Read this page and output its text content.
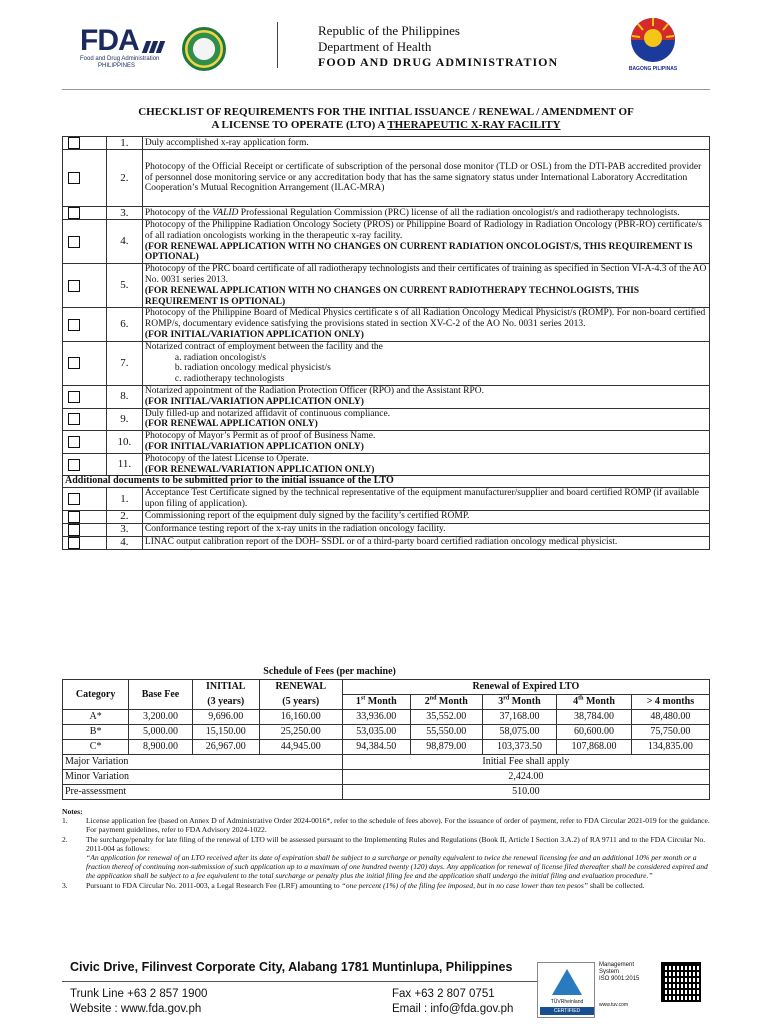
FDA
Food and Drug Administration
PHILIPPINES
Republic of the Philippines
Department of Health
FOOD AND DRUG ADMINISTRATION	BAGONG PILIPINAS
CHECKLIST OF REQUIREMENTS FOR THE INITIAL ISSUANCE / RENEWAL / AMENDMENT OF
A LICENSE TO OPERATE (LTO) A THERAPEUTIC X-RAY FACILITY
	1.	Duly accomplished x-ray application form.
	2.	Photocopy of the Official Receipt or certificate of subscription of the personal dose monitor (TLD or OSL) from the DTI-PAB accredited provider of personnel dose monitoring service or any accreditation body that has the same signatory status under International Laboratory Accreditation Cooperation’s Mutual Recognition Arrangement (ILAC-MRA)
	3.	Photocopy of the VALID Professional Regulation Commission (PRC) license of all the radiation oncologist/s and radiotherapy technologists.
	4.	Photocopy of the Philippine Radiation Oncology Society (PROS) or Philippine Board of Radiology in Radiation Oncology (PBR-RO) certificate/s of all radiation oncologists working in the therapeutic x-ray facility.
(FOR RENEWAL APPLICATION WITH NO CHANGES ON CURRENT RADIATION ONCOLOGIST/S, THIS REQUIREMENT IS OPTIONAL)

	5.	Photocopy of the PRC board certificate of all radiotherapy technologists and their certificates of training as specified in Section VI-A-4.3 of the AO No. 0031 series 2013.
(FOR RENEWAL APPLICATION WITH NO CHANGES ON CURRENT RADIOTHERAPY TECHNOLOGISTS, THIS REQUIREMENT IS OPTIONAL)

	6.	Photocopy of the Philippine Board of Medical Physics certificate s of all Radiation Oncology Medical Physicist/s (ROMP). For non-board certified ROMP/s, documentary evidence satisfying the provisions stated in section XV-C-2 of the AO No. 0031 series 2013.
(FOR INITIAL/VARIATION APPLICATION ONLY)

	7.	Notarized contract of employment between the facility and the
a. radiation oncologist/s
b. radiation oncology medical physicist/s
c. radiotherapy technologists

	8.	Notarized appointment of the Radiation Protection Officer (RPO) and the Assistant RPO.
(FOR INITIAL/VARIATION APPLICATION ONLY)

	9.	Duly filled-up and notarized affidavit of continuous compliance.
(FOR RENEWAL APPLICATION ONLY)

	10.	Photocopy of Mayor’s Permit as of proof of Business Name.
(FOR INITIAL/VARIATION APPLICATION ONLY)

	11.	Photocopy of the latest License to Operate.
(FOR RENEWAL/VARIATION APPLICATION ONLY)

Additional documents to be submitted prior to the initial issuance of the LTO		
	1.	Acceptance Test Certificate signed by the technical representative of the equipment manufacturer/supplier and board certified ROMP (if available upon filing of application).
	2.	Commissioning report of the equipment duly signed by the facility’s certified ROMP.
	3.	Conformance testing report of the x-ray units in the radiation oncology facility.
	4.	LINAC output calibration report of the DOH- SSDL or of a third-party board certified radiation oncology medical physicist.
			Schedule of Fees (per machine)					
Category	Base Fee	INITIAL	RENEWAL	Renewal of Expired LTO				
		(3 years)	(5 years)	1st Month	2nd Month	3rd Month	4th Month	> 4 months
A*	3,200.00	9,696.00	16,160.00	33,936.00	35,552.00	37,168.00	38,784.00	48,480.00
B*	5,000.00	15,150.00	25,250.00	53,035.00	55,550.00	58,075.00	60,600.00	75,750.00
C*	8,900.00	26,967.00	44,945.00	94,384.50	98,879.00	103,373.50	107,868.00	134,835.00
Major Variation				Initial Fee shall apply				
Minor Variation				2,424.00				
Pre-assessment				510.00				
Notes:
1.	License application fee (based on Annex D of Administrative Order 2024-0016*, refer to the schedule of fees above). For the issuance of order of payment, refer to FDA Circular 2021-019 for the guidance. For payment guidelines, refer to FDA Advisory 2024-1022.
2.	The surcharge/penalty for late filing of the renewal of LTO will be assessed pursuant to the Implementing Rules and Regulations (Book II, Article I Section 3.A.2) of RA 9711 and to the FDA Circular No. 2011-004 as follows:
“An application for renewal of an LTO received after its date of expiration shall be subject to a surcharge or penalty equivalent to twice the renewal licensing fee and an additional 10% per month or a fraction thereof of continuing non-submission of such application up to a maximum of one hundred twenty (120) days. Any application for renewal of license filed thereafter shall be considered expired and the application shall be subject to a fee equivalent to the total surcharge or penalty plus the initial filing fee and the application shall undergo the initial filing and evaluation procedure.”
3.	Pursuant to FDA Circular No. 2011-003, a Legal Research Fee (LRF) amounting to “one percent (1%) of the filing fee imposed, but in no case lower than ten pesos” shall be collected.
Civic Drive, Filinvest Corporate City, Alabang 1781 Muntinlupa, Philippines
Trunk Line +63 2 857 1900
Website : www.fda.gov.ph
Fax +63 2 807 0751
Email : info@fda.gov.ph
TÜVRheinland
CERTIFIED
Management
System
ISO 9001:2015
www.tuv.com
